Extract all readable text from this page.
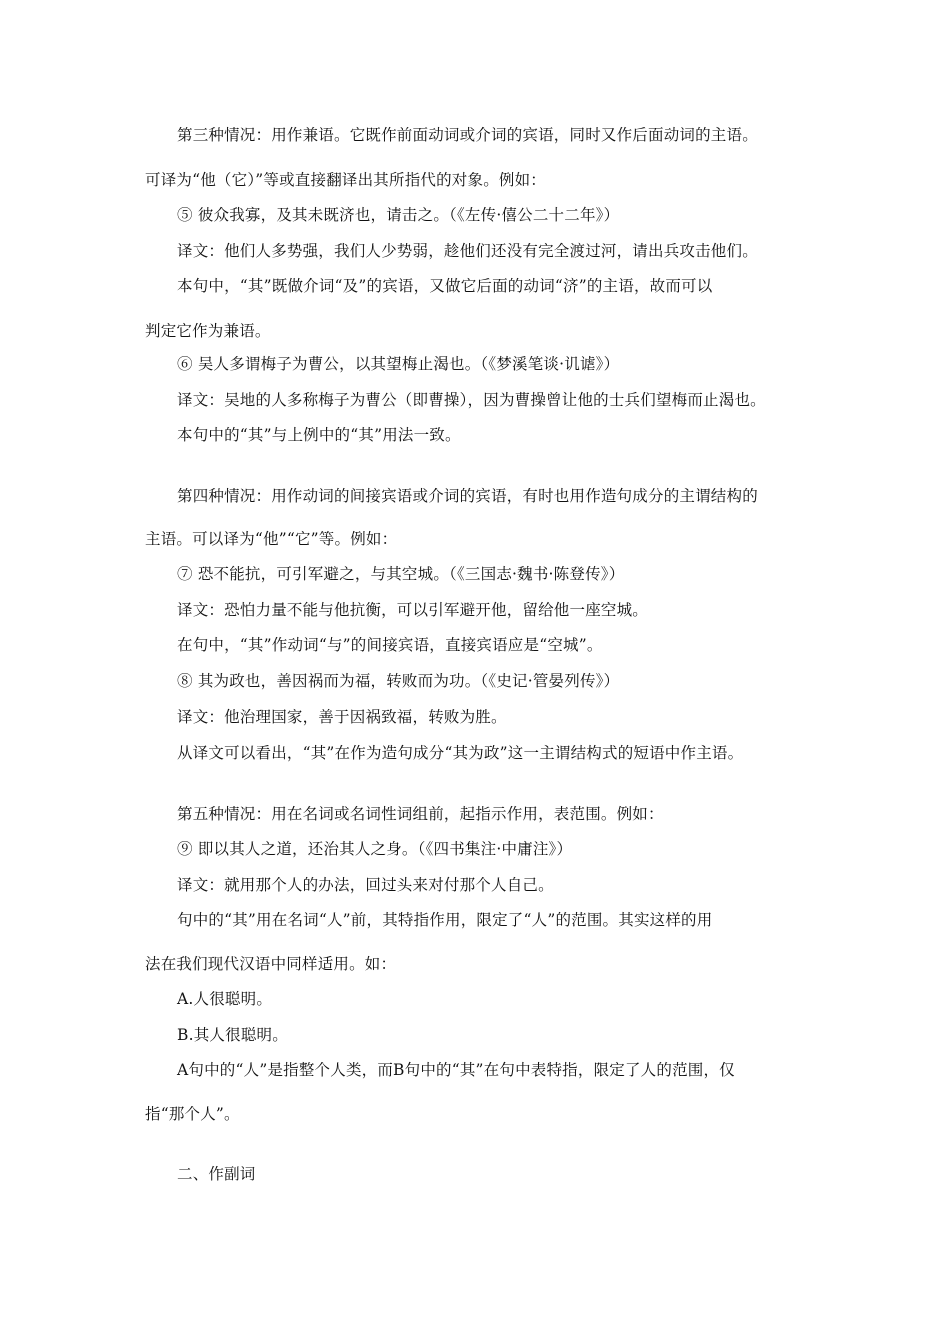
第三种情况：用作兼语。它既作前面动词或介词的宾语，同时又作后面动词的主语。
可译为“他（它）”等或直接翻译出其所指代的对象。例如：
⑤ 彼众我寡，及其未既济也，请击之。（《左传·僖公二十二年》）
译文：他们人多势强，我们人少势弱，趁他们还没有完全渡过河，请出兵攻击他们。
本句中，“其”既做介词“及”的宾语，又做它后面的动词“济”的主语，故而可以
判定它作为兼语。
⑥ 吴人多谓梅子为曹公，以其望梅止渴也。（《梦溪笔谈·讥谑》）
译文：吴地的人多称梅子为曹公（即曹操），因为曹操曾让他的士兵们望梅而止渴也。
本句中的“其”与上例中的“其”用法一致。
第四种情况：用作动词的间接宾语或介词的宾语，有时也用作造句成分的主谓结构的
主语。可以译为“他”“它”等。例如：
⑦ 恐不能抗，可引军避之，与其空城。（《三国志·魏书·陈登传》）
译文：恐怕力量不能与他抗衡，可以引军避开他，留给他一座空城。
在句中，“其”作动词“与”的间接宾语，直接宾语应是“空城”。
⑧ 其为政也，善因祸而为福，转败而为功。（《史记·管晏列传》）
译文：他治理国家，善于因祸致福，转败为胜。
从译文可以看出，“其”在作为造句成分“其为政”这一主谓结构式的短语中作主语。
第五种情况：用在名词或名词性词组前，起指示作用，表范围。例如：
⑨ 即以其人之道，还治其人之身。（《四书集注·中庸注》）
译文：就用那个人的办法，回过头来对付那个人自己。
句中的“其”用在名词“人”前，其特指作用，限定了“人”的范围。其实这样的用
法在我们现代汉语中同样适用。如：
A.人很聪明。
B.其人很聪明。
A句中的“人”是指整个人类，而B句中的“其”在句中表特指，限定了人的范围，仅
指“那个人”。
二、作副词
